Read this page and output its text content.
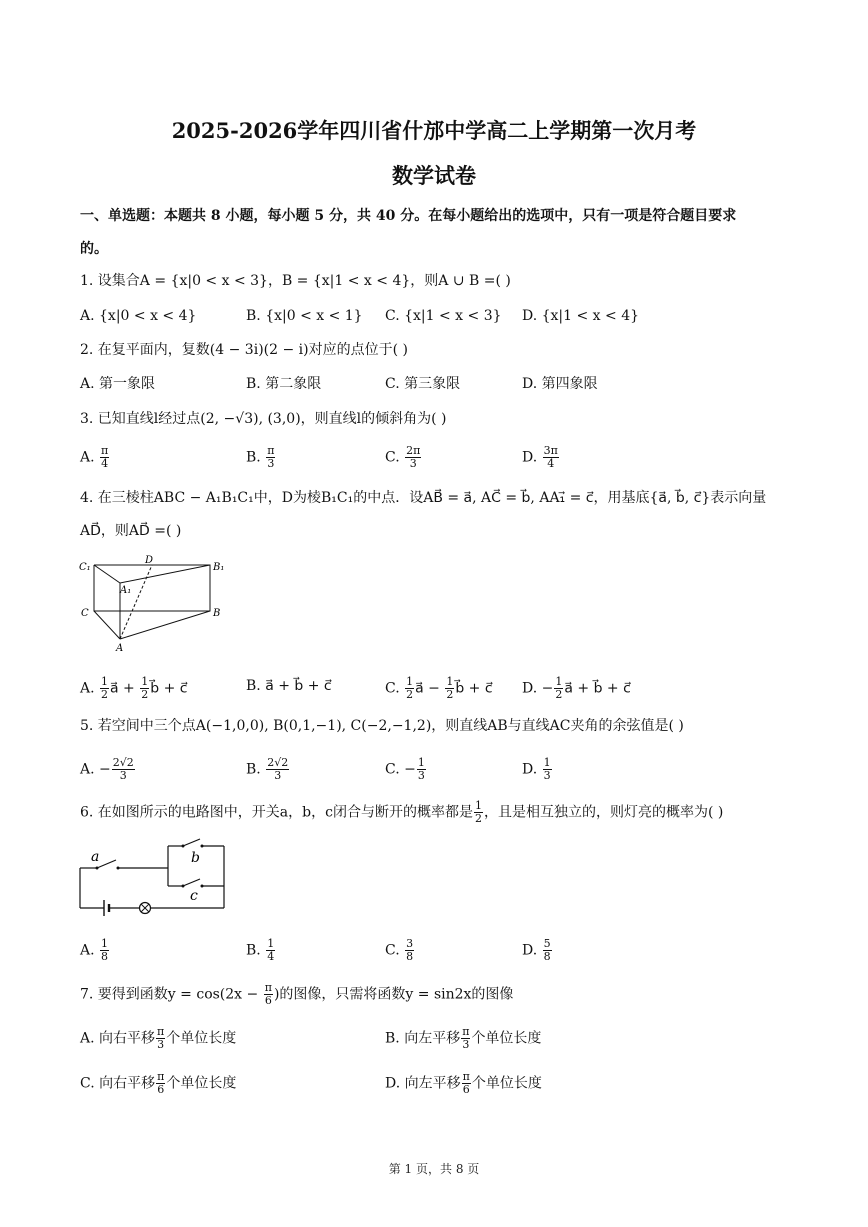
2025-2026学年四川省什邡中学高二上学期第一次月考
数学试卷
一、单选题：本题共 8 小题，每小题 5 分，共 40 分。在每小题给出的选项中，只有一项是符合题目要求
的。
1. 设集合A = {x|0 < x < 3}，B = {x|1 < x < 4}，则A ∪ B =( )
A. {x|0 < x < 4}	B. {x|0 < x < 1} C. {x|1 < x < 3} D. {x|1 < x < 4}
2. 在复平面内，复数(4 − 3i)(2 − i)对应的点位于( )
A. 第一象限	B. 第二象限	C. 第三象限	D. 第四象限
3. 已知直线l经过点(2, −√3), (3,0)，则直线l的倾斜角为( )
A. $\frac{\pi}{4}$	B. $\frac{\pi}{3}$	C. $\frac{2\pi}{3}$	D. $\frac{3\pi}{4}$
4. 在三棱柱ABC − A₁B₁C₁中，D为棱B₁C₁的中点．设AB⃗ = a⃗, AC⃗ = b⃗, AA₁⃗ = c⃗，用基底{a⃗, b⃗, c⃗}表示向量
AD⃗，则AD⃗ =( )
C₁
D
B₁
A₁
C	B
A
A. $\frac{1}{2}$ a⃗ + $\frac{1}{2}$ b⃗ + c⃗	B. a⃗ + b⃗ + c⃗	C. $\frac{1}{2}$ a⃗ − $\frac{1}{2}$ b⃗ + c⃗ D. − $\frac{1}{2}$ a⃗ + b⃗ + c⃗
5. 若空间中三个点A(−1,0,0), B(0,1,−1), C(−2,−1,2)，则直线AB与直线AC夹角的余弦值是( )
A. − $\frac{2√2}{3}$	B. $\frac{2√2}{3}$	C. − $\frac{1}{3}$	D. $\frac{1}{3}$
6. 在如图所示的电路图中，开关a，b，c闭合与断开的概率都是 $\frac{1}{2}$ ，且是相互独立的，则灯亮的概率为( )
a	b
c
A. $\frac{1}{8}$	B. $\frac{1}{4}$	C. $\frac{3}{8}$	D. $\frac{5}{8}$
7. 要得到函数$y = \cos(2x - \frac{\pi}{6}$ )的图像，只需将函数y = sin2x的图像
A. 向右平移 $\frac{\pi}{3}$ 个单位长度	B. 向左平移 $\frac{\pi}{3}$ 个单位长度
C. 向右平移 $\frac{\pi}{6}$ 个单位长度	D. 向左平移 $\frac{\pi}{6}$ 个单位长度
第 1 页，共 8 页
